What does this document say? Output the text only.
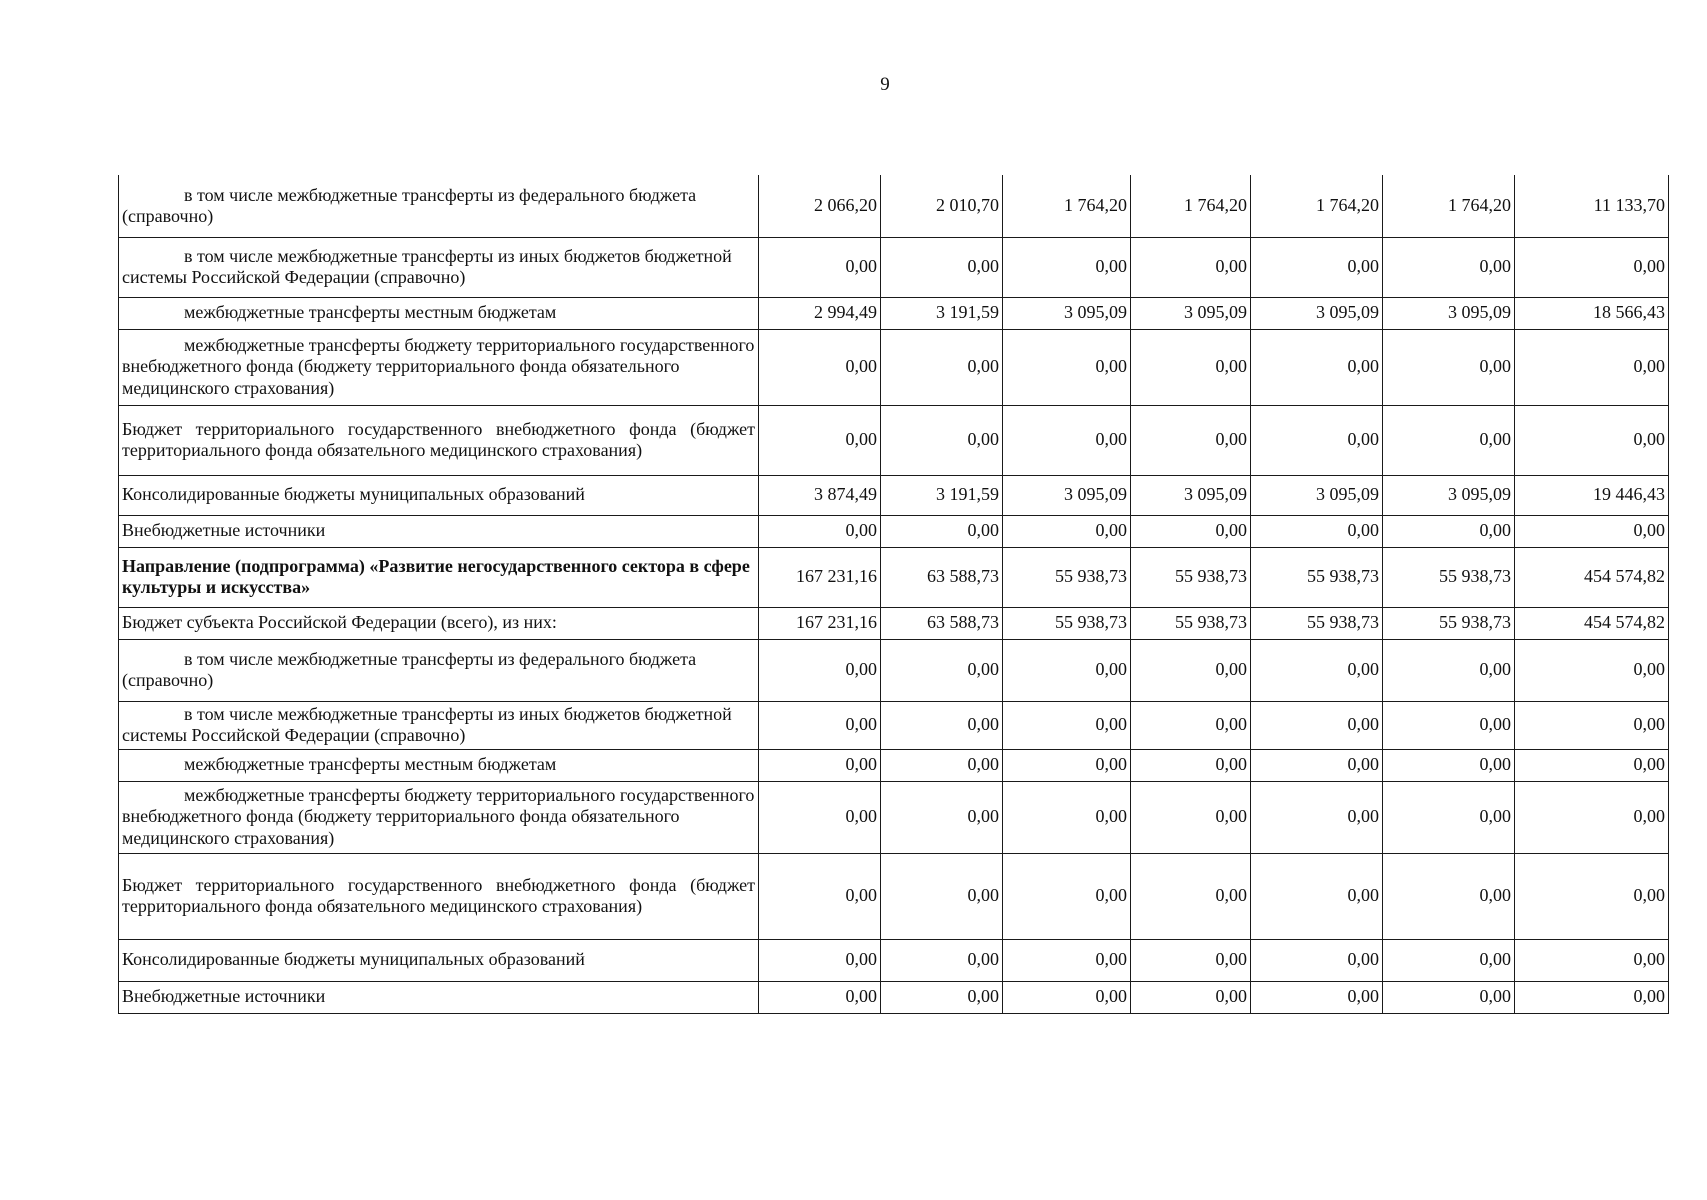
9
в том числе межбюджетные трансферты из федерального бюджета (справочно)	2 066,20	2 010,70	1 764,20	1 764,20	1 764,20	1 764,20	11 133,70

в том числе межбюджетные трансферты из иных бюджетов бюджетной системы Российской Федерации (справочно)	0,00	0,00	0,00	0,00	0,00	0,00	0,00

межбюджетные трансферты местным бюджетам	2 994,49	3 191,59	3 095,09	3 095,09	3 095,09	3 095,09	18 566,43

межбюджетные трансферты бюджету территориального государственного внебюджетного фонда (бюджету территориального фонда обязательного медицинского страхования)	0,00	0,00	0,00	0,00	0,00	0,00	0,00

Бюджет территориального государственного внебюджетного фонда (бюджет территориального фонда обязательного медицинского страхования)	0,00	0,00	0,00	0,00	0,00	0,00	0,00
Консолидированные бюджеты муниципальных образований	3 874,49	3 191,59	3 095,09	3 095,09	3 095,09	3 095,09	19 446,43
Внебюджетные источники	0,00	0,00	0,00	0,00	0,00	0,00	0,00
Направление (подпрограмма) «Развитие негосударственного сектора в сфере культуры и искусства»	167 231,16	63 588,73	55 938,73	55 938,73	55 938,73	55 938,73	454 574,82
Бюджет субъекта Российской Федерации (всего), из них:	167 231,16	63 588,73	55 938,73	55 938,73	55 938,73	55 938,73	454 574,82

в том числе межбюджетные трансферты из федерального бюджета (справочно)	0,00	0,00	0,00	0,00	0,00	0,00	0,00

в том числе межбюджетные трансферты из иных бюджетов бюджетной системы Российской Федерации (справочно)	0,00	0,00	0,00	0,00	0,00	0,00	0,00

межбюджетные трансферты местным бюджетам	0,00	0,00	0,00	0,00	0,00	0,00	0,00

межбюджетные трансферты бюджету территориального государственного внебюджетного фонда (бюджету территориального фонда обязательного медицинского страхования)	0,00	0,00	0,00	0,00	0,00	0,00	0,00

Бюджет территориального государственного внебюджетного фонда (бюджет территориального фонда обязательного медицинского страхования)	0,00	0,00	0,00	0,00	0,00	0,00	0,00
Консолидированные бюджеты муниципальных образований	0,00	0,00	0,00	0,00	0,00	0,00	0,00
Внебюджетные источники	0,00	0,00	0,00	0,00	0,00	0,00	0,00
